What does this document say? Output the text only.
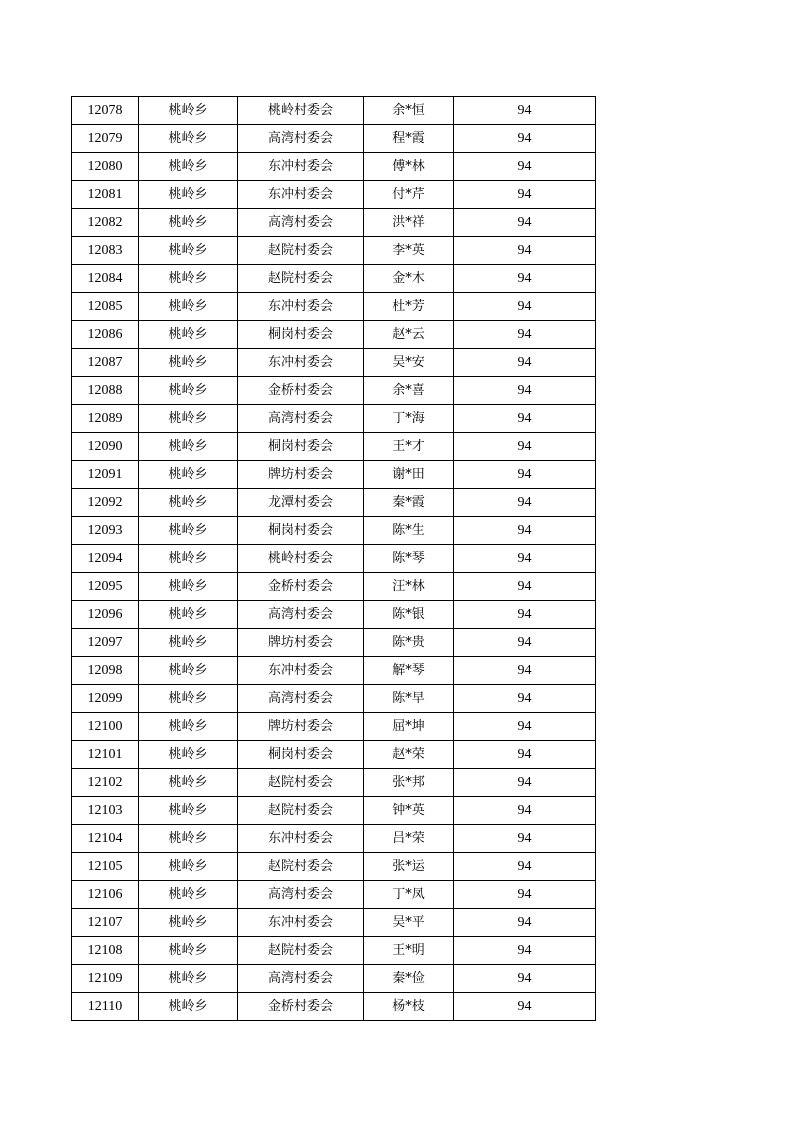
12078	桃岭乡	桃岭村委会	余*恒	94
12079	桃岭乡	高湾村委会	程*霞	94
12080	桃岭乡	东冲村委会	傅*林	94
12081	桃岭乡	东冲村委会	付*芹	94
12082	桃岭乡	高湾村委会	洪*祥	94
12083	桃岭乡	赵院村委会	李*英	94
12084	桃岭乡	赵院村委会	金*木	94
12085	桃岭乡	东冲村委会	杜*芳	94
12086	桃岭乡	桐岗村委会	赵*云	94
12087	桃岭乡	东冲村委会	吴*安	94
12088	桃岭乡	金桥村委会	余*喜	94
12089	桃岭乡	高湾村委会	丁*海	94
12090	桃岭乡	桐岗村委会	王*才	94
12091	桃岭乡	牌坊村委会	谢*田	94
12092	桃岭乡	龙潭村委会	秦*霞	94
12093	桃岭乡	桐岗村委会	陈*生	94
12094	桃岭乡	桃岭村委会	陈*琴	94
12095	桃岭乡	金桥村委会	汪*林	94
12096	桃岭乡	高湾村委会	陈*银	94
12097	桃岭乡	牌坊村委会	陈*贵	94
12098	桃岭乡	东冲村委会	解*琴	94
12099	桃岭乡	高湾村委会	陈*早	94
12100	桃岭乡	牌坊村委会	屈*坤	94
12101	桃岭乡	桐岗村委会	赵*荣	94
12102	桃岭乡	赵院村委会	张*邦	94
12103	桃岭乡	赵院村委会	钟*英	94
12104	桃岭乡	东冲村委会	吕*荣	94
12105	桃岭乡	赵院村委会	张*运	94
12106	桃岭乡	高湾村委会	丁*凤	94
12107	桃岭乡	东冲村委会	吴*平	94
12108	桃岭乡	赵院村委会	王*明	94
12109	桃岭乡	高湾村委会	秦*俭	94
12110	桃岭乡	金桥村委会	杨*枝	94
